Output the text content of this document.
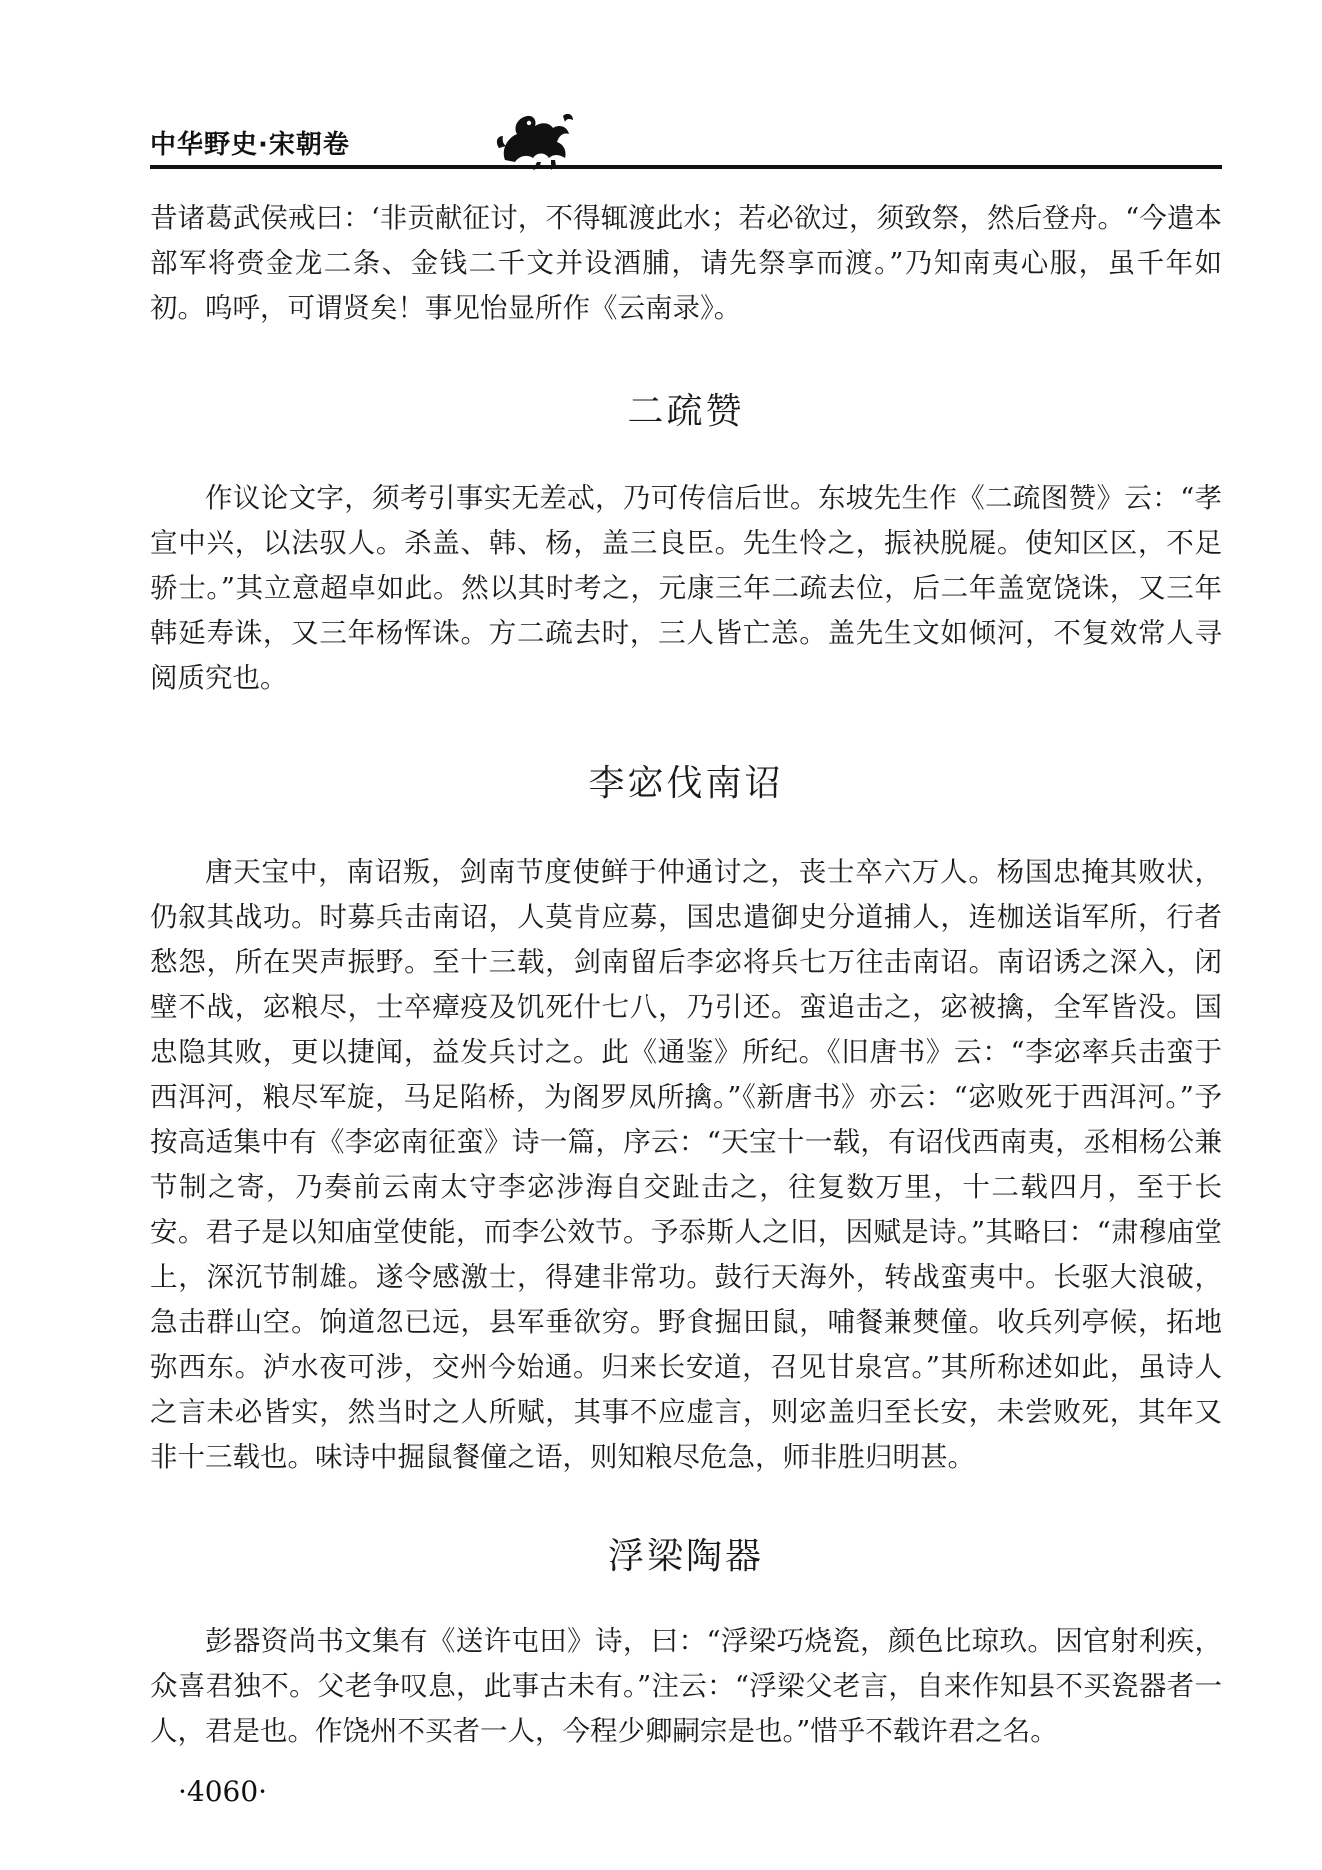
中华野史·宋朝卷

昔诸葛武侯戒曰：‘非贡献征讨，不得辄渡此水；若必欲过，须致祭，然后登舟。“今遣本部军将赍金龙二条、金钱二千文并设酒脯，请先祭享而渡。”乃知南夷心服，虽千年如初。呜呼，可谓贤矣！事见怡显所作《云南录》。

二疏赞

作议论文字，须考引事实无差忒，乃可传信后世。东坡先生作《二疏图赞》云：“孝宣中兴，以法驭人。杀盖、韩、杨，盖三良臣。先生怜之，振袂脱屣。使知区区，不足骄士。”其立意超卓如此。然以其时考之，元康三年二疏去位，后二年盖宽饶诛，又三年韩延寿诛，又三年杨恽诛。方二疏去时，三人皆亡恙。盖先生文如倾河，不复效常人寻阅质究也。

李宓伐南诏

唐天宝中，南诏叛，剑南节度使鲜于仲通讨之，丧士卒六万人。杨国忠掩其败状，仍叙其战功。时募兵击南诏，人莫肯应募，国忠遣御史分道捕人，连枷送诣军所，行者愁怨，所在哭声振野。至十三载，剑南留后李宓将兵七万往击南诏。南诏诱之深入，闭壁不战，宓粮尽，士卒瘴疫及饥死什七八，乃引还。蛮追击之，宓被擒，全军皆没。国忠隐其败，更以捷闻，益发兵讨之。此《通鉴》所纪。《旧唐书》云：“李宓率兵击蛮于西洱河，粮尽军旋，马足陷桥，为阁罗凤所擒。”《新唐书》亦云：“宓败死于西洱河。”予按高适集中有《李宓南征蛮》诗一篇，序云：“天宝十一载，有诏伐西南夷，丞相杨公兼节制之寄，乃奏前云南太守李宓涉海自交趾击之，往复数万里，十二载四月，至于长安。君子是以知庙堂使能，而李公效节。予忝斯人之旧，因赋是诗。”其略曰：“肃穆庙堂上，深沉节制雄。遂令感激士，得建非常功。鼓行天海外，转战蛮夷中。长驱大浪破，急击群山空。饷道忽已远，县军垂欲穷。野食掘田鼠，哺餐兼僰僮。收兵列亭候，拓地弥西东。泸水夜可涉，交州今始通。归来长安道，召见甘泉宫。”其所称述如此，虽诗人之言未必皆实，然当时之人所赋，其事不应虚言，则宓盖归至长安，未尝败死，其年又非十三载也。味诗中掘鼠餐僮之语，则知粮尽危急，师非胜归明甚。

浮梁陶器

彭器资尚书文集有《送许屯田》诗，曰：“浮梁巧烧瓷，颜色比琼玖。因官射利疾，众喜君独不。父老争叹息，此事古未有。”注云：“浮梁父老言，自来作知县不买瓷器者一人，君是也。作饶州不买者一人，今程少卿嗣宗是也。”惜乎不载许君之名。

·4060·
